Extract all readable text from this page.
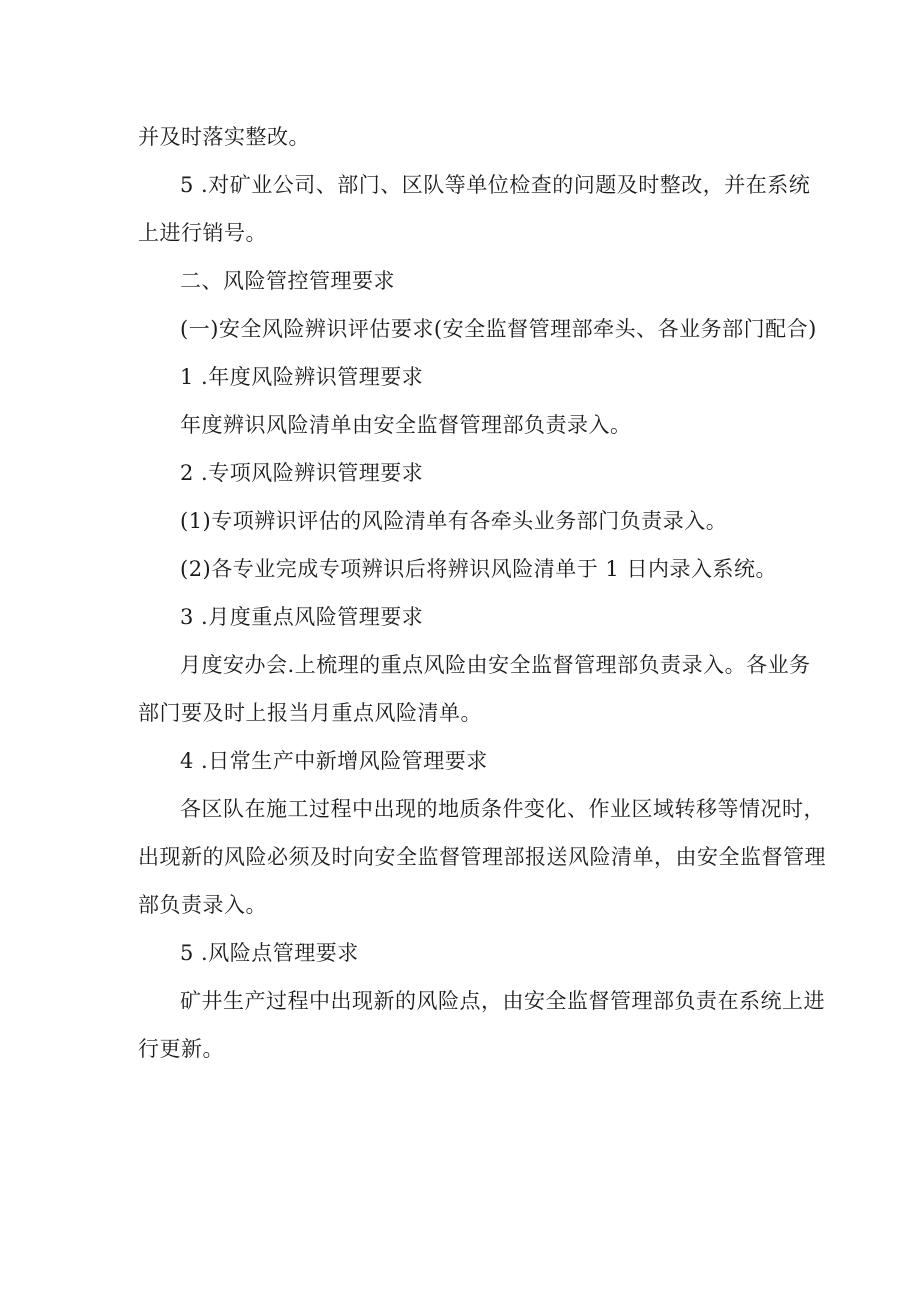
并及时落实整改。
5 .对矿业公司、部门、区队等单位检查的问题及时整改，并在系统
上进行销号。
二、风险管控管理要求
(一)安全风险辨识评估要求(安全监督管理部牵头、各业务部门配合)
1 .年度风险辨识管理要求
年度辨识风险清单由安全监督管理部负责录入。
2 .专项风险辨识管理要求
(1)专项辨识评估的风险清单有各牵头业务部门负责录入。
(2)各专业完成专项辨识后将辨识风险清单于 1 日内录入系统。
3 .月度重点风险管理要求
月度安办会.上梳理的重点风险由安全监督管理部负责录入。各业务
部门要及时上报当月重点风险清单。
4 .日常生产中新增风险管理要求
各区队在施工过程中出现的地质条件变化、作业区域转移等情况时，
出现新的风险必须及时向安全监督管理部报送风险清单，由安全监督管理
部负责录入。
5 .风险点管理要求
矿井生产过程中出现新的风险点，由安全监督管理部负责在系统上进
行更新。
